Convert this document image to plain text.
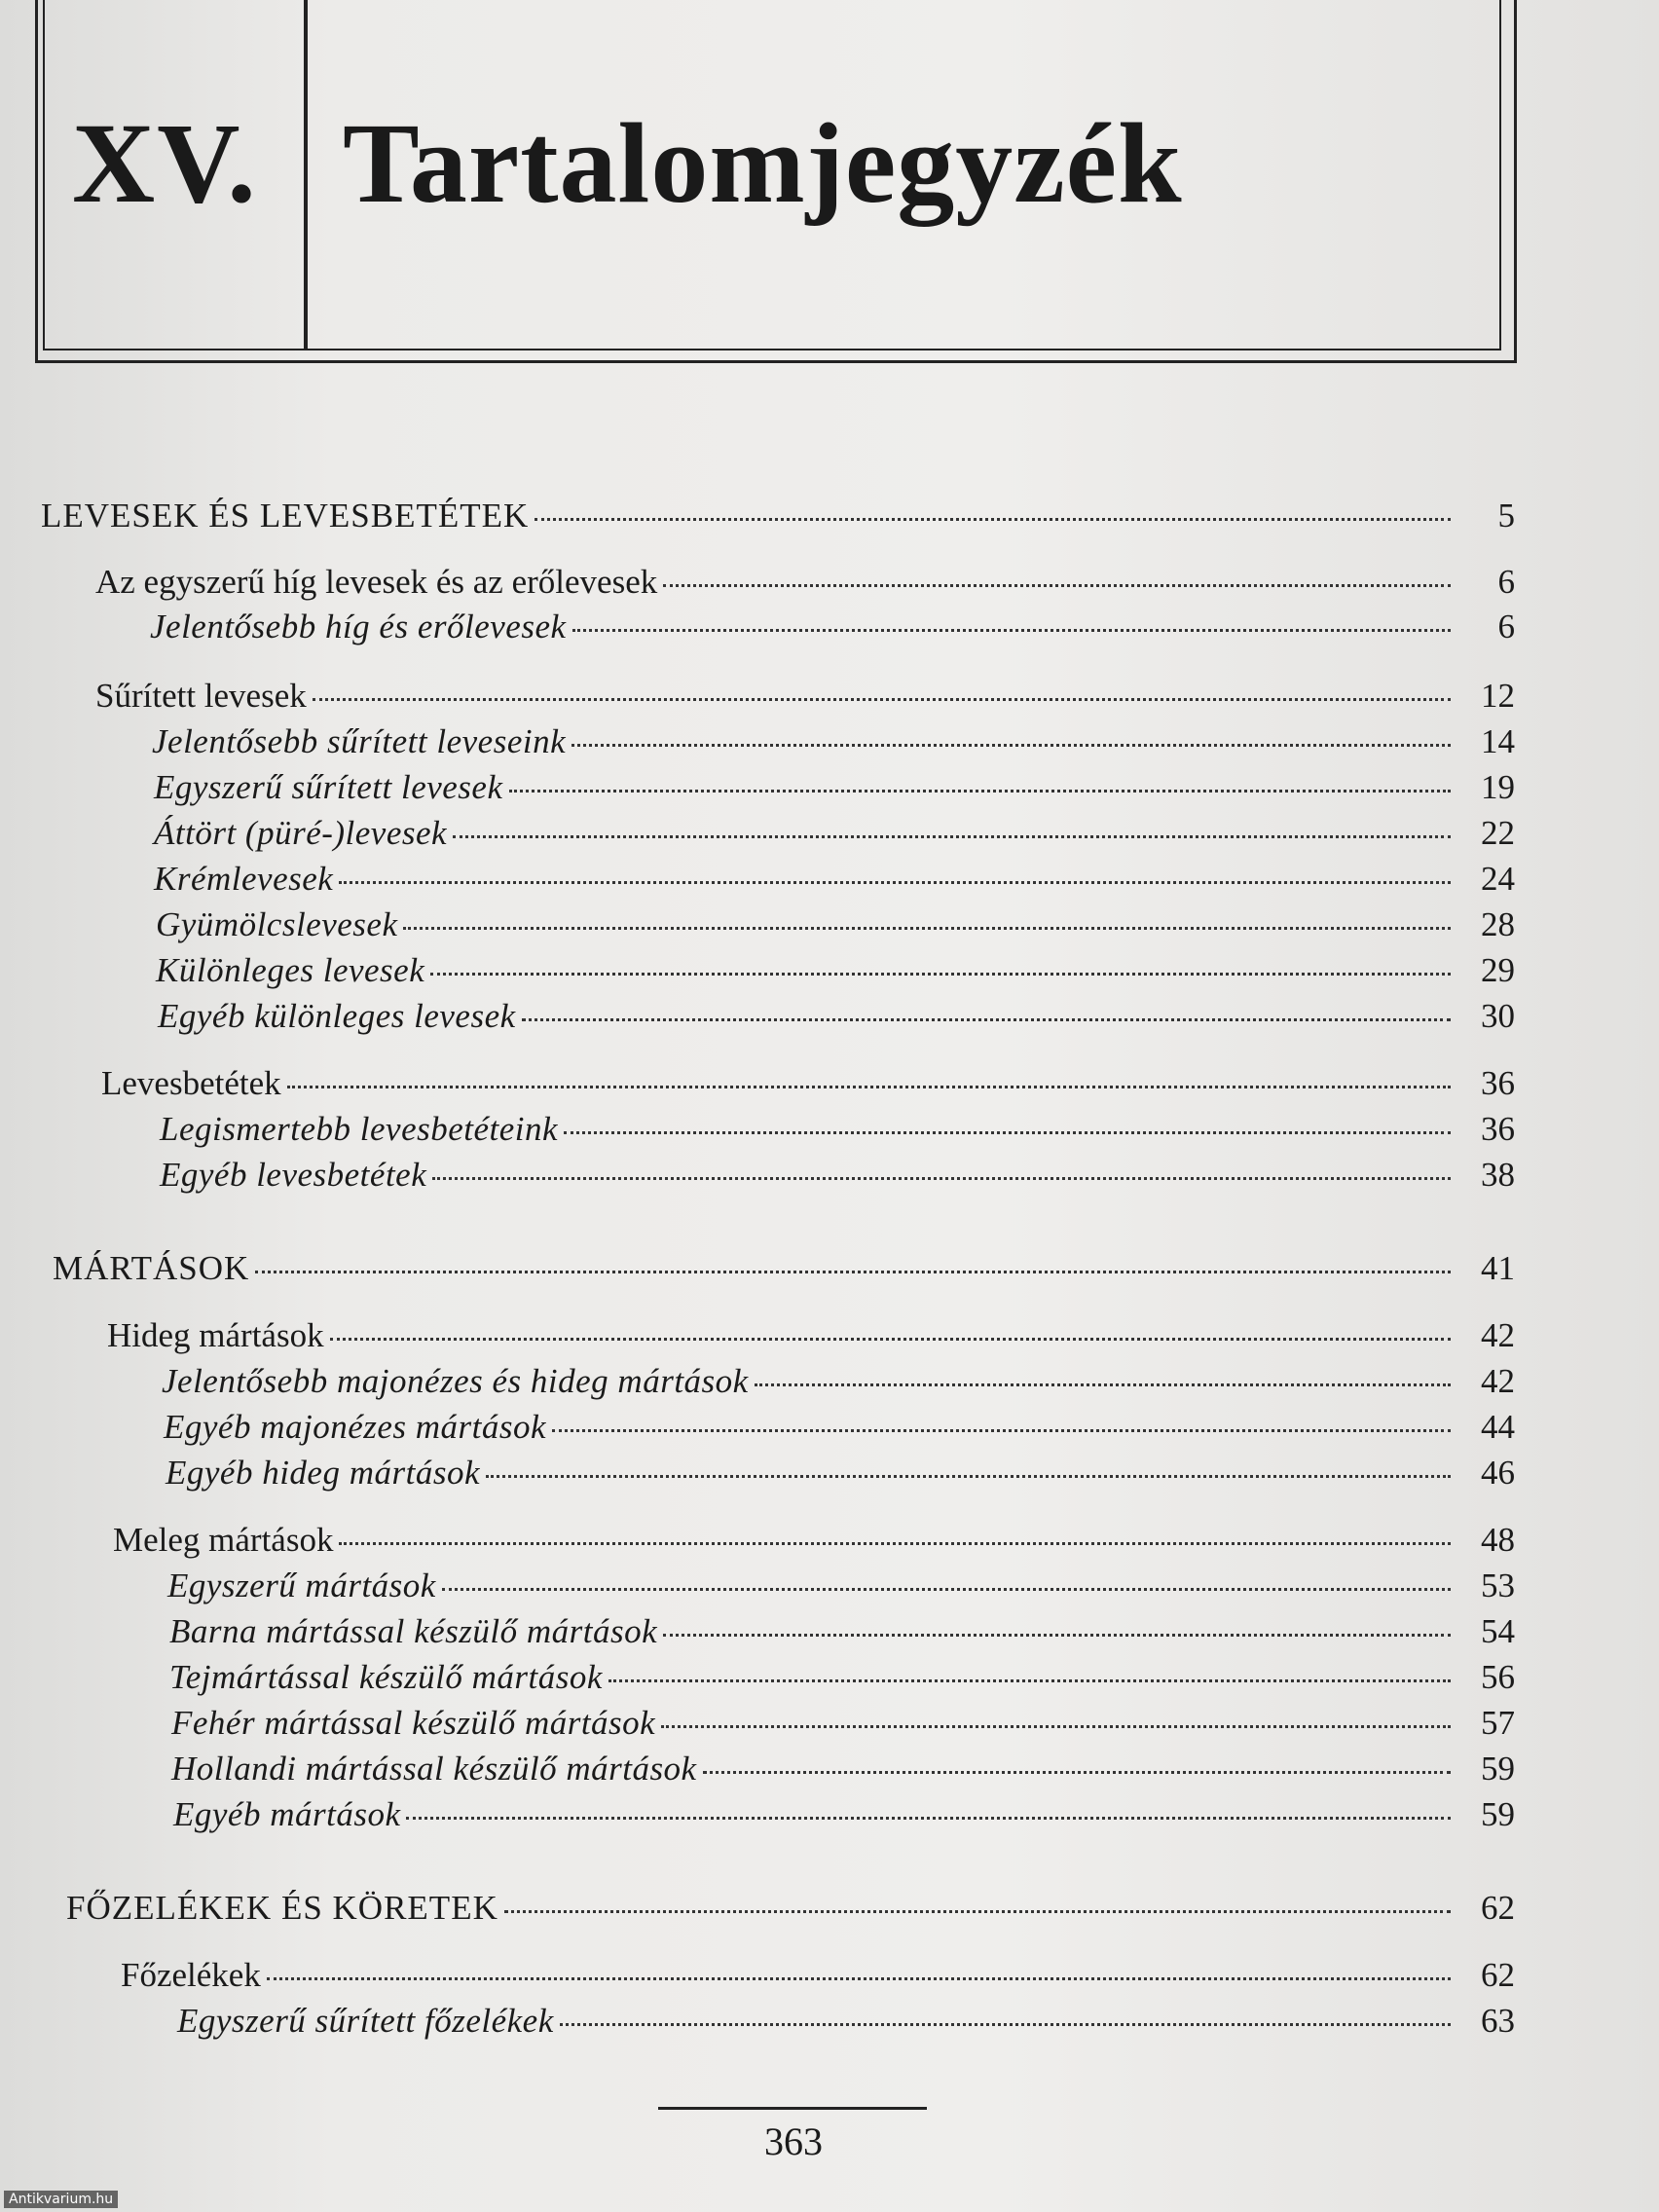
XV. Tartalomjegyzék
LEVESEK ÉS LEVESBETÉTEK	5
Az egyszerű híg levesek és az erőlevesek	6
Jelentősebb híg és erőlevesek	6
Sűrített levesek	12
Jelentősebb sűrített leveseink	14
Egyszerű sűrített levesek	19
Áttört (püré-)levesek	22
Krémlevesek	24
Gyümölcslevesek	28
Különleges levesek	29
Egyéb különleges levesek	30
Levesbetétek	36
Legismertebb levesbetéteink	36
Egyéb levesbetétek	38
MÁRTÁSOK	41
Hideg mártások	42
Jelentősebb majonézes és hideg mártások	42
Egyéb majonézes mártások	44
Egyéb hideg mártások	46
Meleg mártások	48
Egyszerű mártások	53
Barna mártással készülő mártások	54
Tejmártással készülő mártások	56
Fehér mártással készülő mártások	57
Hollandi mártással készülő mártások	59
Egyéb mártások	59
FŐZELÉKEK ÉS KÖRETEK	62
Főzelékek	62
Egyszerű sűrített főzelékek	63
363
Antikvarium.hu
